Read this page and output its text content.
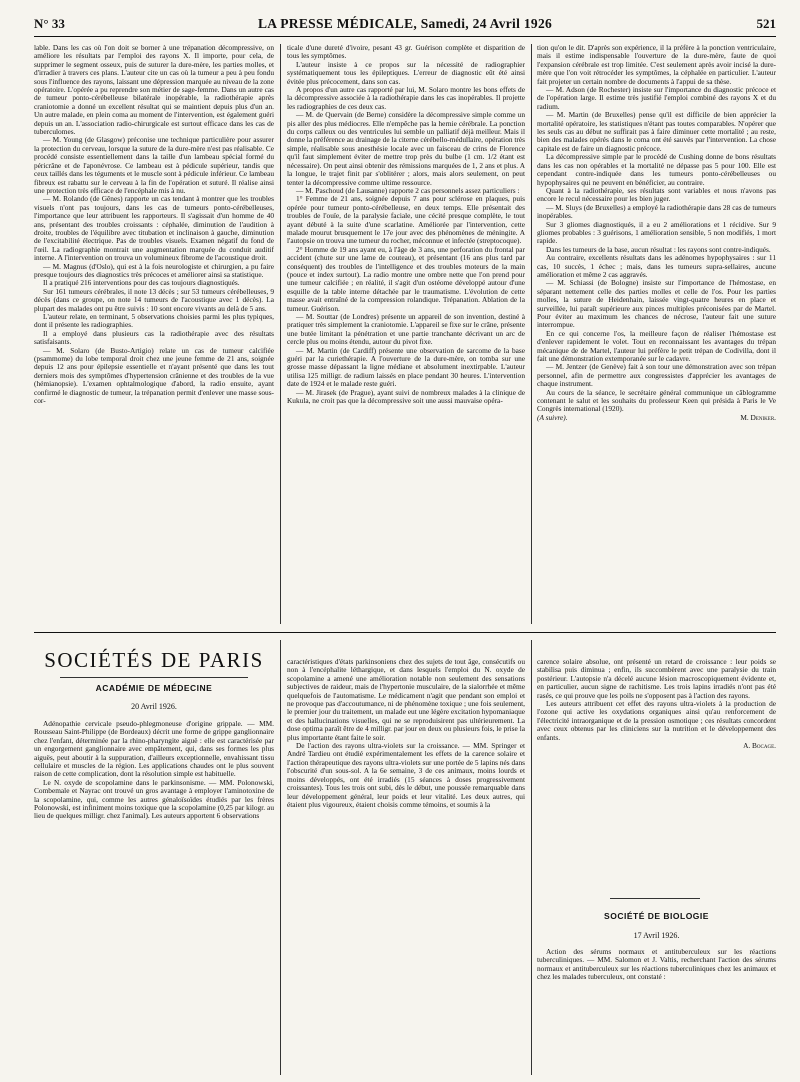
N° 33	LA PRESSE MÉDICALE, Samedi, 24 Avril 1926	521

lable. Dans les cas où l'on doit se borner à une trépanation décompressive, on améliore les résultats par l'emploi des rayons X. Il importe, pour cela, de supprimer le segment osseux, puis de suturer la dure-mère, les parties molles, et d'irradier à travers ces plans. L'auteur cite un cas où la tumeur a peu à peu fondu sous l'influence des rayons, laissant une dépression marquée au niveau de la zone opératoire. L'opérée a pu reprendre son métier de sage-femme. Dans un autre cas de tumeur ponto-cérébelleuse bilatérale inopérable, la radiothérapie après craniotomie a donné un excellent résultat qui se maintient depuis plus d'un an. Un autre malade, en plein coma au moment de l'intervention, est également guéri depuis un an. L'association radio-chirurgicale est surtout efficace dans les cas de tuberculomes.

— M. Young (de Glasgow) préconise une technique particulière pour assurer la protection du cerveau, lorsque la suture de la dure-mère n'est pas réalisable. Ce procédé consiste essentiellement dans la taille d'un lambeau spécial formé du péricrâne et de l'aponévrose. Ce lambeau est à pédicule supérieur, tandis que ceux taillés dans les téguments et le muscle sont à pédicule inférieur. Ce lambeau fibreux est rabattu sur le cerveau à la fin de l'opération et suturé. Il réalise ainsi une protection très efficace de l'encéphale mis à nu.

— M. Rolando (de Gênes) rapporte un cas tendant à montrer que les troubles visuels n'ont pas toujours, dans les cas de tumeurs ponto-cérébelleuses, l'importance que leur attribuent les rapporteurs. Il s'agissait d'un homme de 40 ans, présentant des troubles croissants : céphalée, diminution de l'audition à droite, troubles de l'équilibre avec titubation et inclinaison à gauche, diminution de l'excitabilité électrique. Pas de troubles visuels. Examen négatif du fond de l'œil. La radiographie montrait une augmentation marquée du conduit auditif interne. A l'intervention on trouva un volumineux fibrome de l'acoustique droit.

— M. Magnus (d'Oslo), qui est à la fois neurologiste et chirurgien, a pu faire presque toujours des diagnostics très précoces et améliorer ainsi sa statistique.

Il a pratiqué 216 interventions pour des cas toujours diagnostiqués.

Sur 161 tumeurs cérébrales, il note 13 décès ; sur 53 tumeurs cérébelleuses, 9 décès (dans ce groupe, on note 14 tumeurs de l'acoustique avec 1 décès). La plupart des malades ont pu être suivis : 10 sont encore vivants au delà de 5 ans.

L'auteur relate, en terminant, 5 observations choisies parmi les plus typiques, dont il présente les radiographies.

Il a employé dans plusieurs cas la radiothérapie avec des résultats satisfaisants.

— M. Solaro (de Busto-Artigio) relate un cas de tumeur calcifiée (psammome) du lobe temporal droit chez une jeune femme de 21 ans, soignée depuis 12 ans pour épilepsie essentielle et n'ayant présenté que dans les tout derniers mois des symptômes d'hypertension crânienne et des troubles de la vue (hémianopsie). L'examen ophtalmologique d'abord, la radio ensuite, ayant confirmé le diagnostic de tumeur, la trépanation permit d'enlever une masse sous-cor-

ticale d'une dureté d'ivoire, pesant 43 gr. Guérison complète et disparition de tous les symptômes.

L'auteur insiste à ce propos sur la nécessité de radiographier systématiquement tous les épileptiques. L'erreur de diagnostic eût été ainsi évitée plus précocement, dans son cas.

A propos d'un autre cas rapporté par lui, M. Solaro montre les bons effets de la décompressive associée à la radiothérapie dans les cas inopérables. Il projette les radiographies de ces deux cas.

— M. de Quervain (de Berne) considère la décompressive simple comme un pis aller des plus médiocres. Elle n'empêche pas la hernie cérébrale. La ponction du corps calleux ou des ventricules lui semble un palliatif déjà meilleur. Mais il donne la préférence au drainage de la citerne cérébello-médullaire, opération très simple, réalisable sous anesthésie locale avec un faisceau de crins de Florence qu'il faut simplement éviter de mettre trop près du bulbe (1 cm. 1/2 étant est nécessaire). On peut ainsi obtenir des rémissions marquées de 1, 2 ans et plus. A la longue, le trajet finit par s'oblitérer ; alors, mais alors seulement, on peut tenter la décompressive comme ultime ressource.

— M. Paschoud (de Lausanne) rapporte 2 cas personnels assez particuliers :

1° Femme de 21 ans, soignée depuis 7 ans pour sclérose en plaques, puis opérée pour tumeur ponto-cérébelleuse, en deux temps. Elle présentait des troubles de l'ouïe, de la paralysie faciale, une cécité presque complète, le tout ayant débuté à la suite d'une scarlatine. Améliorée par l'intervention, cette malade mourut brusquement le 17e jour avec des phénomènes de méningite. A l'autopsie on trouva une tumeur du rocher, méconnue et infectée (streptocoque).

2° Homme de 19 ans ayant eu, à l'âge de 3 ans, une perforation du frontal par accident (chute sur une lame de couteau), et présentant (16 ans plus tard par conséquent) des troubles de l'intelligence et des troubles moteurs de la main (pouce et index surtout). La radio montre une ombre nette que l'on prend pour une tumeur calcifiée ; en réalité, il s'agit d'un ostéome développé autour d'une esquille de la table interne détachée par le traumatisme. L'évolution de cette masse avait entraîné de la compression rolandique. Trépanation. Ablation de la tumeur. Guérison.

— M. Souttar (de Londres) présente un appareil de son invention, destiné à pratiquer très simplement la craniotomie. L'appareil se fixe sur le crâne, présente une butée limitant la pénétration et une partie tranchante décrivant un arc de cercle plus ou moins étendu, autour du pivot fixe.

— M. Martin (de Cardiff) présente une observation de sarcome de la base guéri par la curiethérapie. A l'ouverture de la dure-mère, on tomba sur une grosse masse dépassant la ligne médiane et absolument inextirpable. L'auteur utilisa 125 milligr. de radium laissés en place pendant 30 heures. L'intervention date de 1924 et le malade reste guéri.

— M. Jirasek (de Prague), ayant suivi de nombreux malades à la clinique de Kukula, ne croit pas que la décompressive soit une aussi mauvaise opéra-

tion qu'on le dit. D'après son expérience, il la préfère à la ponction ventriculaire, mais il estime indispensable l'ouverture de la dure-mère, faute de quoi l'expansion cérébrale est trop limitée. C'est seulement après avoir incisé la dure-mère que l'on voit rétrocéder les symptômes, la céphalée en particulier. L'auteur fait projeter un certain nombre de documents à l'appui de sa thèse.

— M. Adson (de Rochester) insiste sur l'importance du diagnostic précoce et de l'opération large. Il estime très justifié l'emploi combiné des rayons X et du radium.

— M. Martin (de Bruxelles) pense qu'il est difficile de bien apprécier la mortalité opératoire, les statistiques n'étant pas toutes comparables. N'opérer que les seuls cas au début ne suffirait pas à faire diminuer cette mortalité ; au reste, bien des malades opérés dans le coma ont été sauvés par l'intervention. La chose capitale est de faire un diagnostic précoce.

La décompressive simple par le procédé de Cushing donne de bons résultats dans les cas non opérables et la mortalité ne dépasse pas 5 pour 100. Elle est cependant contre-indiquée dans les tumeurs ponto-cérébelleuses ou hypophysaires qui ne peuvent en bénéficier, au contraire.

Quant à la radiothérapie, ses résultats sont variables et nous n'avons pas encore le recul nécessaire pour les bien juger.

— M. Sluys (de Bruxelles) a employé la radiothérapie dans 28 cas de tumeurs inopérables.

Sur 3 gliomes diagnostiqués, il a eu 2 améliorations et 1 récidive. Sur 9 gliomes probables : 3 guérisons, 1 amélioration sensible, 5 non modifiés, 1 mort rapide.

Dans les tumeurs de la base, aucun résultat : les rayons sont contre-indiqués.

Au contraire, excellents résultats dans les adénomes hypophysaires : sur 11 cas, 10 succès, 1 échec ; mais, dans les tumeurs supra-sellaires, aucune amélioration et même 2 cas aggravés.

— M. Schiassi (de Bologne) insiste sur l'importance de l'hémostase, en séparant nettement celle des parties molles et celle de l'os. Pour les parties molles, la suture de Heidenhain, laissée vingt-quatre heures en place et surveillée, lui paraît supérieure aux pinces multiples préconisées par de Martel. Pour éviter au maximum les chances de nécrose, l'auteur fait une suture interrompue.

En ce qui concerne l'os, la meilleure façon de réaliser l'hémostase est d'enlever rapidement le volet. Tout en reconnaissant les avantages du trépan mécanique de de Martel, l'auteur lui préfère le petit trépan de Codivilla, dont il fait une démonstration extemporanée sur le cadavre.

— M. Jentzer (de Genève) fait à son tour une démonstration avec son trépan personnel, afin de permettre aux congressistes d'apprécier les avantages de chaque instrument.

Au cours de la séance, le secrétaire général communique un câblogramme contenant le salut et les souhaits du professeur Keen qui présida à Paris le Ve Congrès international (1920).

(A suivre).	M. Deniker.

SOCIÉTÉS DE PARIS
ACADÉMIE DE MÉDECINE
20 Avril 1926.

Adénopathie cervicale pseudo-phlegmoneuse d'origine grippale. — MM. Rousseau Saint-Philippe (de Bordeaux) décrit une forme de grippe ganglionnaire chez l'enfant, déterminée par la rhino-pharyngite aiguë : elle est caractérisée par un engorgement ganglionnaire avec empâtement, qui, dans ses formes les plus aiguës, peut aboutir à la suppuration, d'ailleurs exceptionnelle, envahissant tissu cellulaire et muscles de la région. Les applications chaudes ont le plus souvent raison de cette complication, dont la résolution simple est habituelle.

Le N. oxyde de scopolamine dans le parkinsonisme. — MM. Polonowski, Combemale et Nayrac ont trouvé un gros avantage à employer l'aminotoxine de la scopolamine, qui, comme les autres génaloïsoïdes étudiés par les frères Polonowski, est infiniment moins toxique que la scopolamine (0,25 par kilogr. au lieu de quelques milligr. chez l'animal). Les auteurs apportent 6 observations

caractéristiques d'états parkinsoniens chez des sujets de tout âge, consécutifs ou non à l'encéphalite léthargique, et dans lesquels l'emploi du N. oxyde de scopolamine a amené une amélioration notable non seulement des sensations subjectives de raideur, mais de l'hypertonie musculaire, de la sialorrhée et même quelquefois de l'automatisme. Le médicament n'agit que pendant son emploi et ne provoque pas d'accoutumance, ni de phénomène toxique ; une fois seulement, le premier jour du traitement, un malade eut une légère excitation hypomaniaque et des hallucinations visuelles, qui ne se reproduisirent pas ultérieurement. La dose optima paraît être de 4 milligr. par jour en deux ou plusieurs fois, le prise la plus importante étant faite le soir.

De l'action des rayons ultra-violets sur la croissance. — MM. Springer et André Tardieu ont étudié expérimentalement les effets de la carence solaire et l'action thérapeutique des rayons ultra-violets sur une portée de 5 lapins nés dans l'obscurité d'un sous-sol. A la 6e semaine, 3 de ces animaux, moins lourds et moins développés, ont été irradiés (15 séances à doses progressivement croissantes). Tous les trois ont subi, dès le début, une poussée remarquable dans leur développement général, leur poids et leur vitalité. Les deux autres, qui étaient plus vigoureux, étaient choisis comme témoins, et soumis à la

carence solaire absolue, ont présenté un retard de croissance : leur poids se stabilisa puis diminua ; enfin, ils succombèrent avec une paralysie du train postérieur. L'autopsie n'a décelé aucune lésion macroscopiquement évidente et, en particulier, aucun signe de rachitisme. Les trois lapins irradiés n'ont pas été rasés, ce qui prouve que les poils ne s'opposent pas à l'action des rayons.

Les auteurs attribuent cet effet des rayons ultra-violets à la production de l'ozone qui active les oxydations organiques ainsi qu'au renforcement de l'électricité intraorganique et de la pression osmotique ; ces résultats concordent avec ceux obtenus par les cliniciens sur la nutrition et le développement des enfants.

A. Bocage.

SOCIÉTÉ DE BIOLOGIE
17 Avril 1926.

Action des sérums normaux et antituberculeux sur les réactions tuberculiniques. — MM. Salomon et J. Valtis, recherchant l'action des sérums normaux et antituberculeux sur les réactions tuberculiniques chez les animaux et chez les malades tuberculeux, ont constaté :
